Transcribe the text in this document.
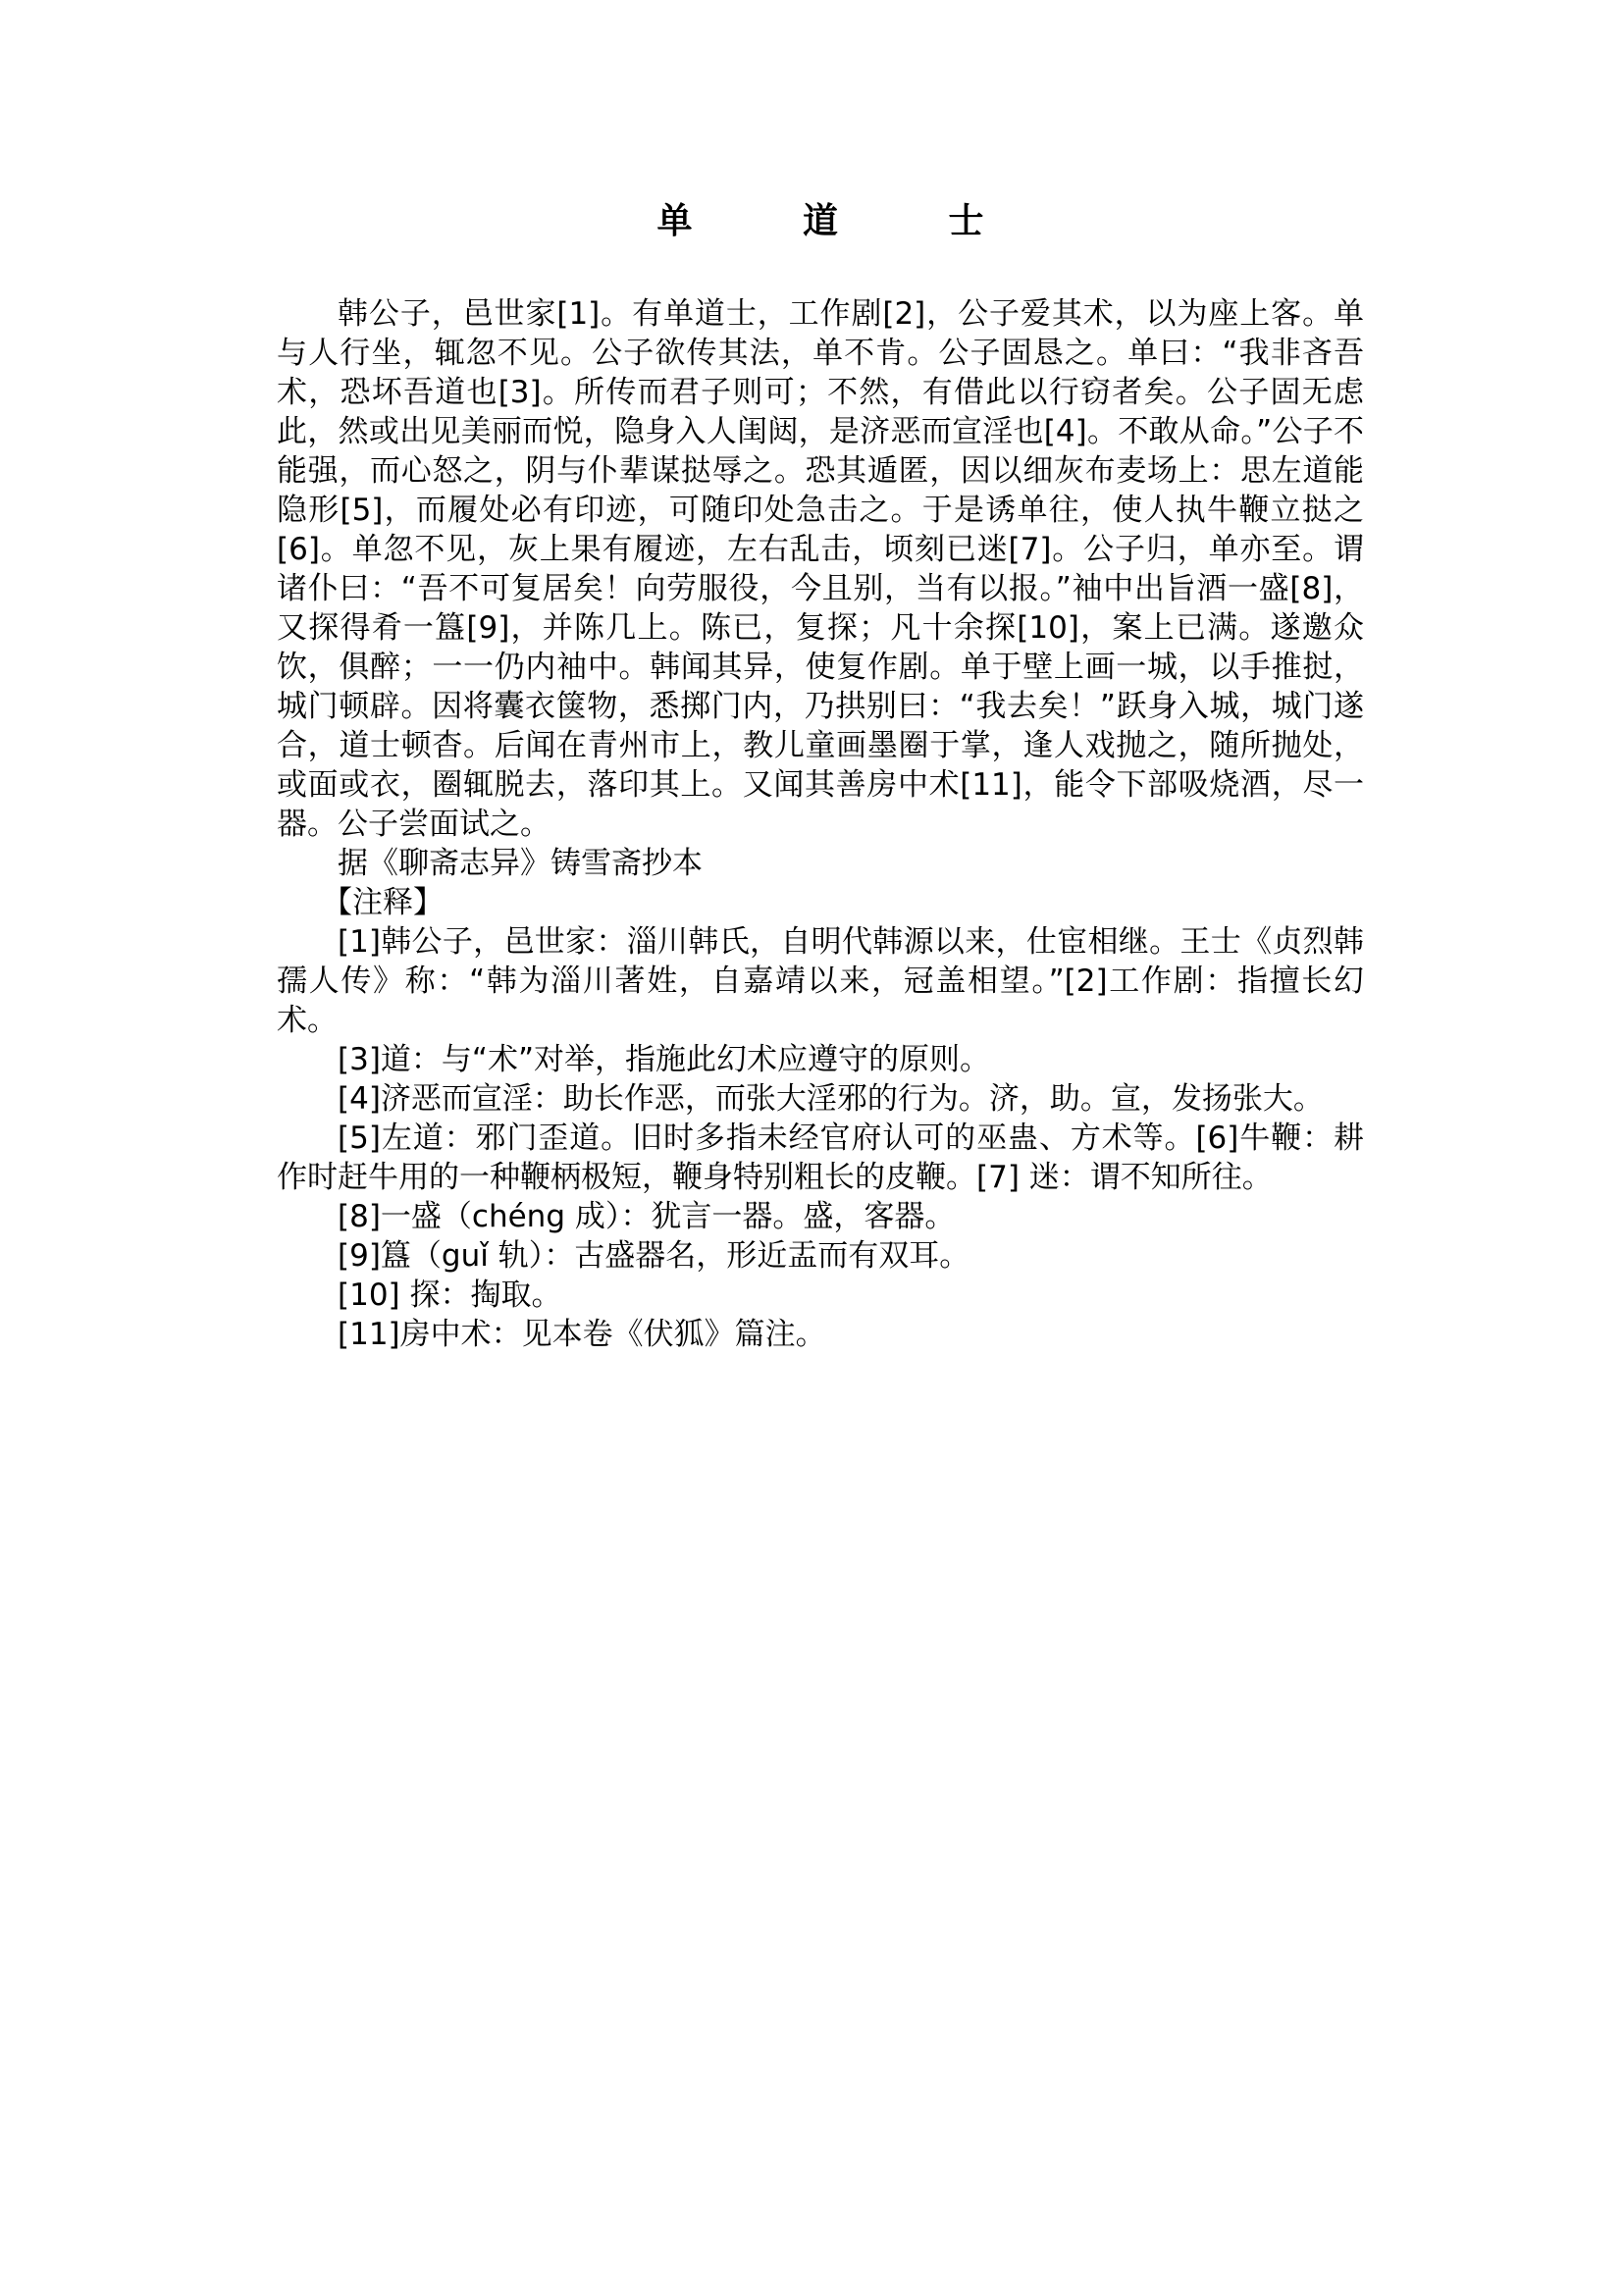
单 道 士

韩公子，邑世家[1]。有单道士，工作剧[2]，公子爱其术，以为座上客。单与人行坐，辄忽不见。公子欲传其法，单不肯。公子固恳之。单曰：“我非吝吾术，恐坏吾道也[3]。所传而君子则可；不然，有借此以行窃者矣。公子固无虑此，然或出见美丽而悦，隐身入人闺闼，是济恶而宣淫也[4]。不敢从命。”公子不能强，而心怒之，阴与仆辈谋挞辱之。恐其遁匿，因以细灰布麦场上：思左道能隐形[5]，而履处必有印迹，可随印处急击之。于是诱单往，使人执牛鞭立挞之[6]。单忽不见，灰上果有履迹，左右乱击，顷刻已迷[7]。公子归，单亦至。谓诸仆曰：“吾不可复居矣！向劳服役，今且别，当有以报。”袖中出旨酒一盛[8]，又探得肴一簋[9]，并陈几上。陈已，复探；凡十余探[10]，案上已满。遂邀众饮，俱醉；一一仍内袖中。韩闻其异，使复作剧。单于壁上画一城，以手推挝，城门顿辟。因将囊衣箧物，悉掷门内，乃拱别曰：“我去矣！”跃身入城，城门遂合，道士顿杳。后闻在青州市上，教儿童画墨圈于掌，逢人戏抛之，随所抛处，或面或衣，圈辄脱去，落印其上。又闻其善房中术[11]，能令下部吸烧酒，尽一器。公子尝面试之。

据《聊斋志异》铸雪斋抄本

【注释】

[1]韩公子，邑世家：淄川韩氏，自明代韩源以来，仕宦相继。王士《贞烈韩孺人传》称：“韩为淄川著姓，自嘉靖以来，冠盖相望。”[2]工作剧：指擅长幻术。

[3]道：与“术”对举，指施此幻术应遵守的原则。

[4]济恶而宣淫：助长作恶，而张大淫邪的行为。济，助。宣，发扬张大。

[5]左道：邪门歪道。旧时多指未经官府认可的巫蛊、方术等。[6]牛鞭：耕作时赶牛用的一种鞭柄极短，鞭身特别粗长的皮鞭。[7] 迷：谓不知所往。

[8]一盛（chéng 成）：犹言一器。盛，客器。

[9]簋（guǐ 轨）：古盛器名，形近盂而有双耳。

[10] 探：掏取。

[11]房中术：见本卷《伏狐》篇注。
